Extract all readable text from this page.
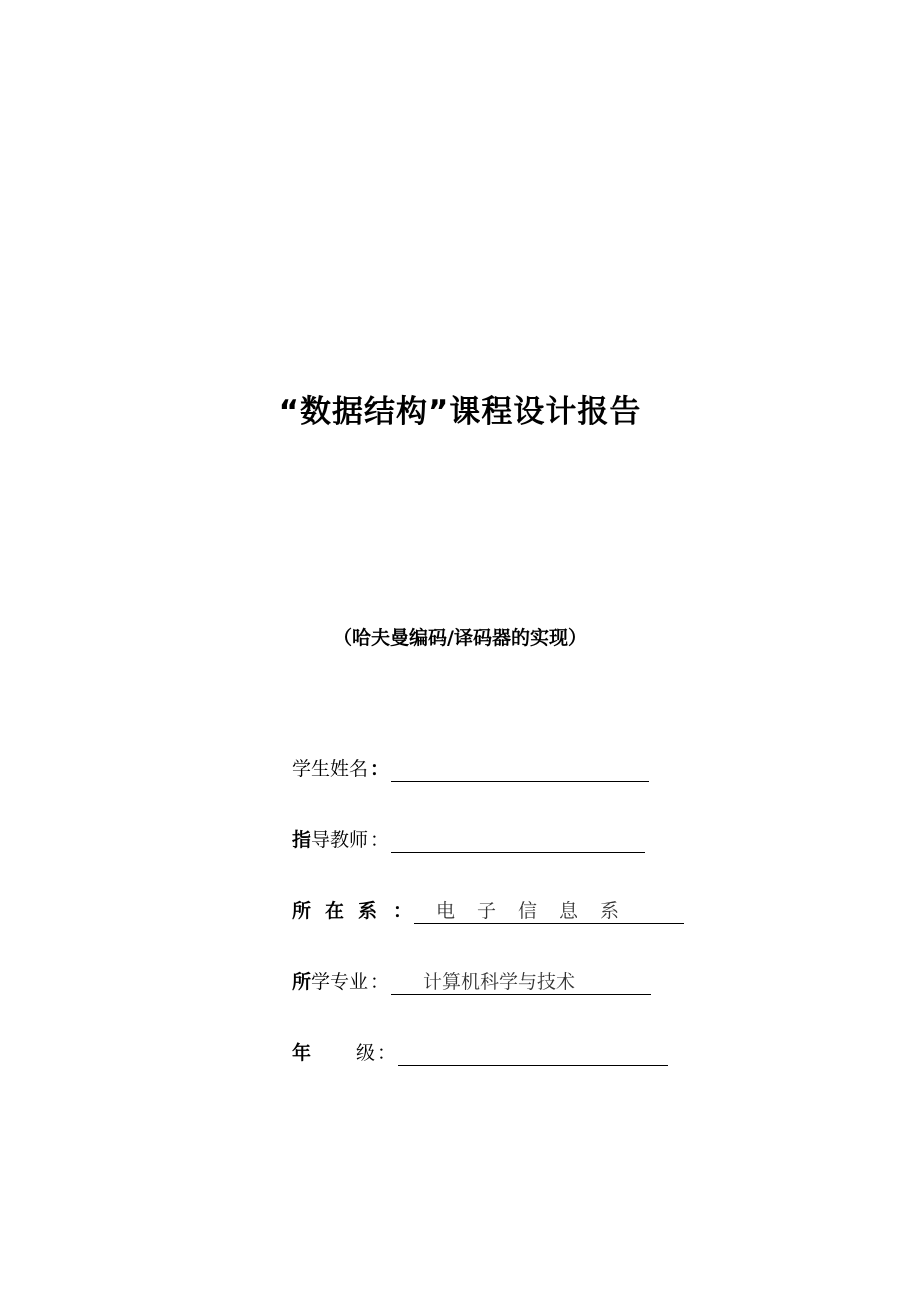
“数据结构”课程设计报告
（哈夫曼编码/译码器的实现）
学生姓名 ：
指导教师 ：
所在系 ：	电子信息系
所学专业 ：	计算机科学与技术
年 级 ：
